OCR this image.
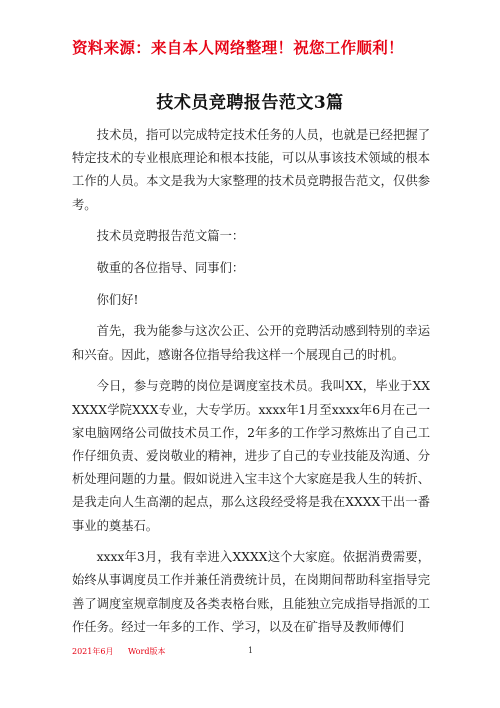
资料来源：来自本人网络整理！祝您工作顺利！
技术员竞聘报告范文3篇

技术员，指可以完成特定技术任务的人员，也就是已经把握了特定技术的专业根底理论和根本技能，可以从事该技术领域的根本工作的人员。本文是我为大家整理的技术员竞聘报告范文，仅供参考。

技术员竞聘报告范文篇一：

敬重的各位指导、同事们：

你们好!

首先，我为能参与这次公正、公开的竞聘活动感到特别的幸运和兴奋。因此，感谢各位指导给我这样一个展现自己的时机。

今日，参与竞聘的岗位是调度室技术员。我叫XX，毕业于XXXXXX学院XXX专业，大专学历。xxxx年1月至xxxx年6月在己一家电脑网络公司做技术员工作，2年多的工作学习熬炼出了自己工作仔细负责、爱岗敬业的精神，进步了自己的专业技能及沟通、分析处理问题的力量。假如说进入宝丰这个大家庭是我人生的转折、是我走向人生高潮的起点，那么这段经受将是我在XXXX干出一番事业的奠基石。

xxxx年3月，我有幸进入XXXX这个大家庭。依据消费需要，始终从事调度员工作并兼任消费统计员，在岗期间帮助科室指导完善了调度室规章制度及各类表格台账，且能独立完成指导指派的工作任务。经过一年多的工作、学习，以及在矿指导及教师傅们

2021年6月 Word版本	1
